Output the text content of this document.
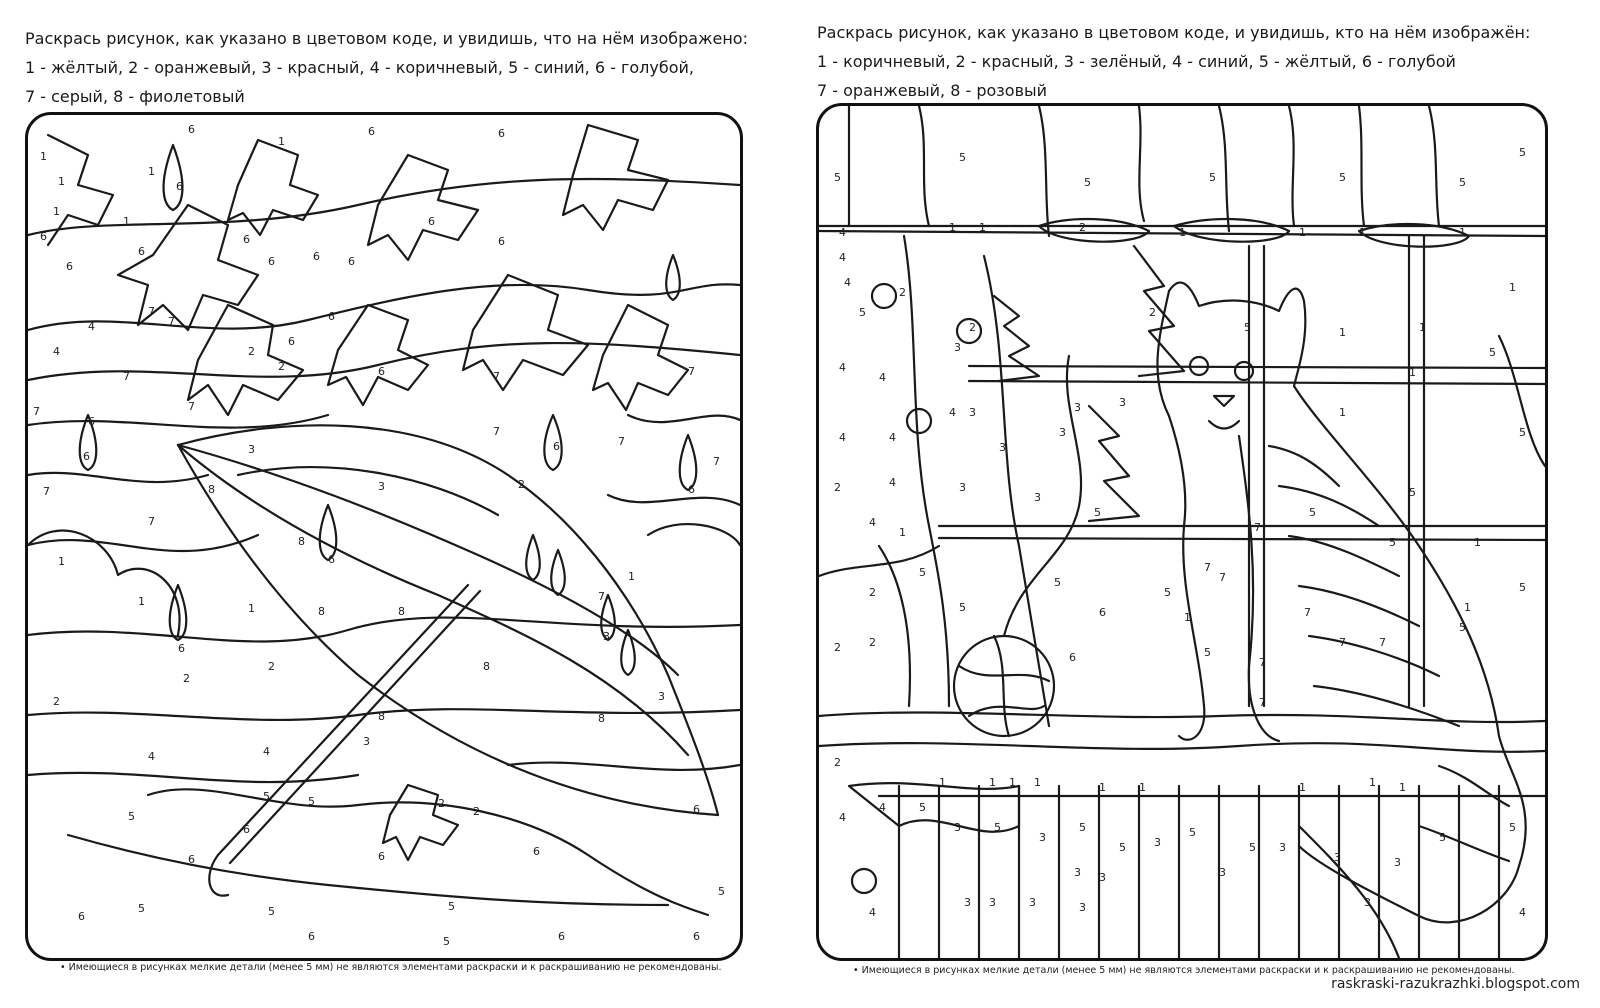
Раскрась рисунок, как указано в цветовом коде, и увидишь, что на нём изображено:
1 - жёлтый, 2 - оранжевый, 3 - красный, 4 - коричневый, 5 - синий, 6 - голубой,
7 - серый, 8 - фиолетовый
6	6	6
1
1
6
1
1
1
6
6
1
6
6
6	6	6
7
7
4
4
6
6
6
6
6
2
2
7
7
6
6
7	7
7
7
7
7
7
7
3
3
8
8
6
6
6
2
7
1
1
1
1
8	8
3
3
6
2
2	8
8	8
3
2
4	4
5	5
5
6	6
6
5	5
5
5
6
6	6	6
5
6
6
2
2
• Имеющиеся в рисунках мелкие детали (менее 5 мм) не являются элементами раскраски и к раскрашиванию не рекомендованы.
Раскрась рисунок, как указано в цветовом коде, и увидишь, кто на нём изображён:
1 - коричневый, 2 - красный, 3 - зелёный, 4 - синий, 5 - жёлтый, 6 - голубой
7 - оранжевый, 8 - розовый
5
5
5	5	5	5
5
4
4
4
5
1 1	1	1	1	1
1
2
2
2
2
5
4
4
4	4
4
4
4
1
1
1
1
5
5
5
2
3
3
3
3
3
3
3	3
5
5
5
5
5
5
5
5
5
5
2
2
2
1
1
6
6
7
7
7
7
7
7
7	7
1
1
2
4
4
5
5	5
5
5
5
5
5
3
3
3 3
3
3
3
3	3
3
3 3	3	3
4	4
1	1 1 1	1	1	1	1 1
• Имеющиеся в рисунках мелкие детали (менее 5 мм) не являются элементами раскраски и к раскрашиванию не рекомендованы.
raskraski-razukrazhki.blogspot.com
